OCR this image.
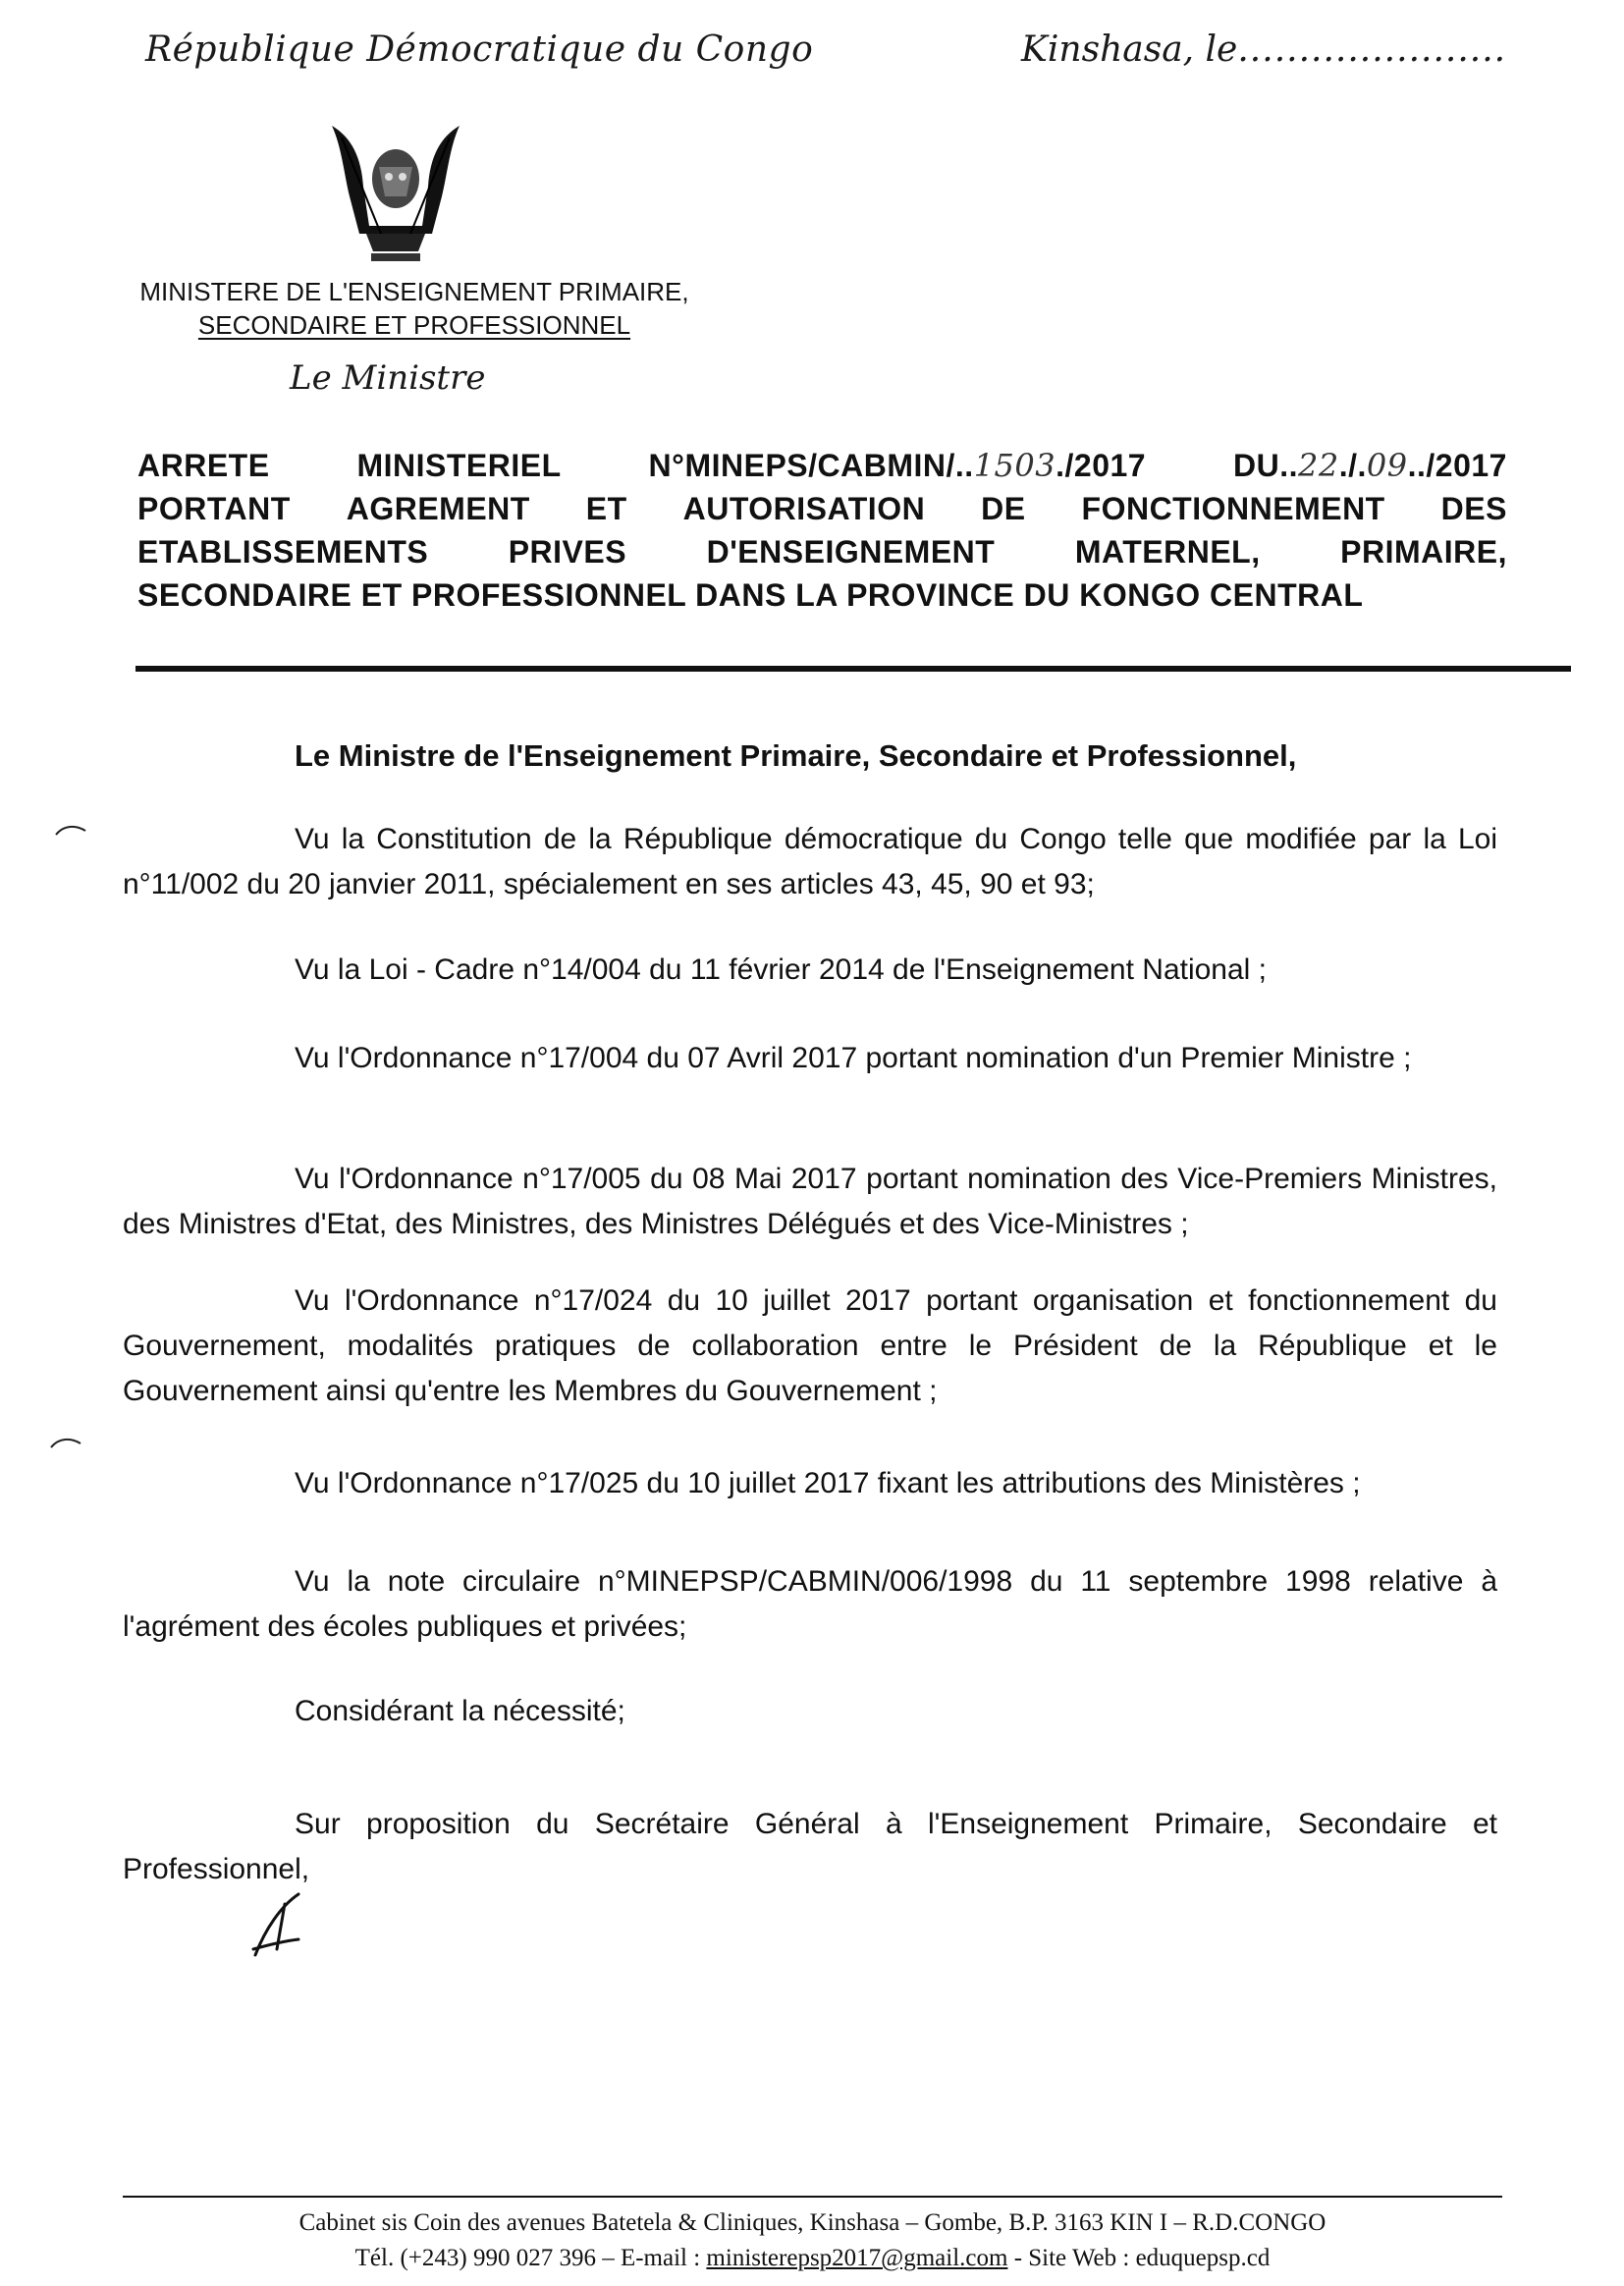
République Démocratique du Congo	Kinshasa, le......................
MINISTERE DE L'ENSEIGNEMENT PRIMAIRE,
SECONDAIRE ET PROFESSIONNEL
Le Ministre
ARRETE	MINISTERIEL	N°MINEPS/CABMIN/..1503./2017	DU..22./.09../2017
PORTANT AGREMENT ET AUTORISATION DE FONCTIONNEMENT DES
ETABLISSEMENTS	PRIVES	D'ENSEIGNEMENT	MATERNEL,	PRIMAIRE,
SECONDAIRE ET PROFESSIONNEL DANS LA PROVINCE DU KONGO CENTRAL
Le Ministre de l'Enseignement Primaire, Secondaire et Professionnel,
Vu la Constitution de la République démocratique du Congo telle que modifiée par la Loi n°11/002 du 20 janvier 2011, spécialement en ses articles 43, 45, 90 et 93;
Vu la Loi - Cadre n°14/004 du 11 février 2014 de l'Enseignement National ;
Vu l'Ordonnance n°17/004 du 07 Avril 2017 portant nomination d'un Premier Ministre ;
Vu l'Ordonnance n°17/005 du 08 Mai 2017 portant nomination des Vice-Premiers Ministres, des Ministres d'Etat, des Ministres, des Ministres Délégués et des Vice-Ministres ;
Vu l'Ordonnance n°17/024 du 10 juillet 2017 portant organisation et fonctionnement du Gouvernement, modalités pratiques de collaboration entre le Président de la République et le Gouvernement ainsi qu'entre les Membres du Gouvernement ;
Vu l'Ordonnance n°17/025 du 10 juillet 2017 fixant les attributions des Ministères ;
Vu la note circulaire n°MINEPSP/CABMIN/006/1998 du 11 septembre 1998 relative à l'agrément des écoles publiques et privées;
Considérant la nécessité;
Sur proposition du Secrétaire Général à l'Enseignement Primaire, Secondaire et Professionnel,
Cabinet sis Coin des avenues Batetela & Cliniques, Kinshasa – Gombe, B.P. 3163 KIN I – R.D.CONGO
Tél. (+243) 990 027 396 – E-mail : ministerepsp2017@gmail.com - Site Web : eduquepsp.cd
